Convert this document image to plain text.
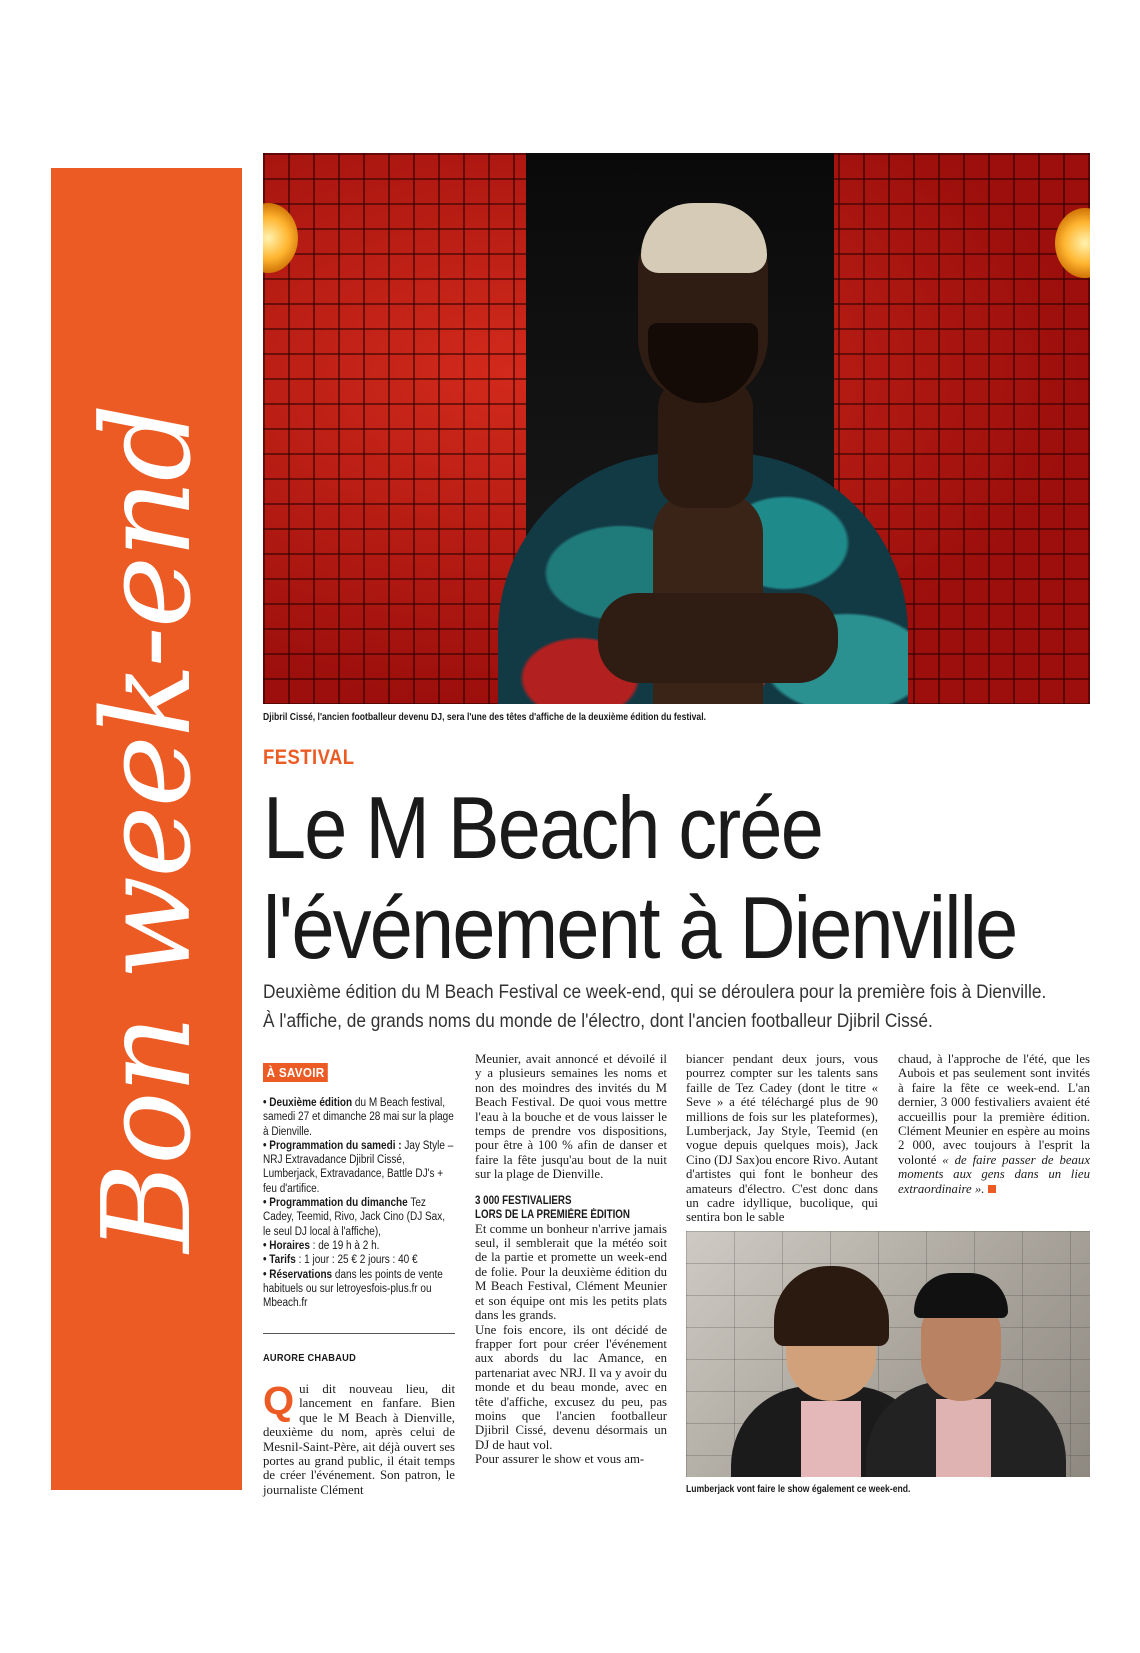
Bon week-end	Djibril Cissé, l'ancien footballeur devenu DJ, sera l'une des têtes d'affiche de la deuxième édition du festival.
FESTIVAL
Le M Beach crée
l'événement à Dienville
Deuxième édition du M Beach Festival ce week-end, qui se déroulera pour la première fois à Dienville.
À l'affiche, de grands noms du monde de l'électro, dont l'ancien footballeur Djibril Cissé.
À SAVOIR
• Deuxième édition du M Beach festival, samedi 27 et dimanche 28 mai sur la plage à Dienville.
• Programmation du samedi : Jay Style – NRJ Extravadance Djibril Cissé, Lumberjack, Extravadance, Battle DJ's + feu d'artifice.
• Programmation du dimanche Tez Cadey, Teemid, Rivo, Jack Cino (DJ Sax, le seul DJ local à l'affiche),
• Horaires : de 19 h à 2 h.
• Tarifs : 1 jour : 25 € 2 jours : 40 €
• Réservations dans les points de vente habituels ou sur letroyesfois-plus.fr ou Mbeach.fr
AURORE CHABAUD
Q ui dit nouveau lieu, dit lancement en fanfare. Bien que le M Beach à Dienville, deuxième du nom, après celui de Mesnil-Saint-Père, ait déjà ouvert ses portes au grand public, il était temps de créer l'événement. Son patron, le journaliste Clément
Meunier, avait annoncé et dévoilé il y a plusieurs semaines les noms et non des moindres des invités du M Beach Festival. De quoi vous mettre l'eau à la bouche et de vous laisser le temps de prendre vos dispositions, pour être à 100 % afin de danser et faire la fête jusqu'au bout de la nuit sur la plage de Dienville.
3 000 FESTIVALIERS
LORS DE LA PREMIÈRE ÉDITION
Et comme un bonheur n'arrive jamais seul, il semblerait que la météo soit de la partie et promette un week-end de folie. Pour la deuxième édition du M Beach Festival, Clément Meunier et son équipe ont mis les petits plats dans les grands.
Une fois encore, ils ont décidé de frapper fort pour créer l'événement aux abords du lac Amance, en partenariat avec NRJ. Il va y avoir du monde et du beau monde, avec en tête d'affiche, excusez du peu, pas moins que l'ancien footballeur Djibril Cissé, devenu désormais un DJ de haut vol.
Pour assurer le show et vous am-
biancer pendant deux jours, vous pourrez compter sur les talents sans faille de Tez Cadey (dont le titre « Seve » a été téléchargé plus de 90 millions de fois sur les plateformes), Lumberjack, Jay Style, Teemid (en vogue depuis quelques mois), Jack Cino (DJ Sax)ou encore Rivo. Autant d'artistes qui font le bonheur des amateurs d'électro. C'est donc dans un cadre idyllique, bucolique, qui sentira bon le sable
chaud, à l'approche de l'été, que les Aubois et pas seulement sont invités à faire la fête ce week-end. L'an dernier, 3 000 festivaliers avaient été accueillis pour la première édition. Clément Meunier en espère au moins 2 000, avec toujours à l'esprit la volonté « de faire passer de beaux moments aux gens dans un lieu extraordinaire ».
Lumberjack vont faire le show également ce week-end.
